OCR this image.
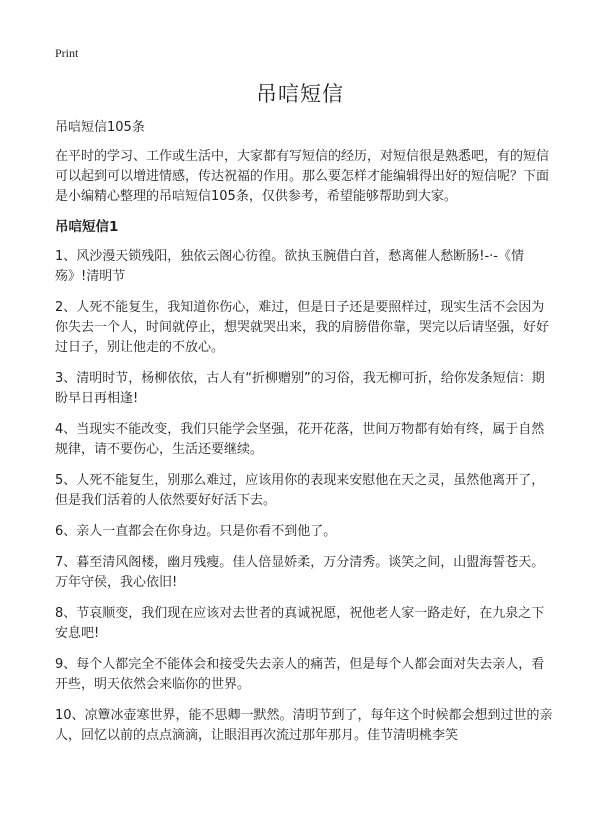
Print
吊唁短信

吊唁短信105条

在平时的学习、工作或生活中，大家都有写短信的经历，对短信很是熟悉吧，有的短信可以起到可以增进情感，传达祝福的作用。那么要怎样才能编辑得出好的短信呢？下面是小编精心整理的吊唁短信105条，仅供参考，希望能够帮助到大家。

吊唁短信1

1、风沙漫天锁残阳，独依云阁心彷徨。欲执玉腕借白首，愁离催人愁断肠!-·-《情殇》!清明节

2、人死不能复生，我知道你伤心，难过，但是日子还是要照样过，现实生活不会因为你失去一个人，时间就停止，想哭就哭出来，我的肩膀借你靠，哭完以后请坚强，好好过日子，别让他走的不放心。

3、清明时节，杨柳依依，古人有“折柳赠别”的习俗，我无柳可折，给你发条短信：期盼早日再相逢!

4、当现实不能改变，我们只能学会坚强，花开花落，世间万物都有始有终，属于自然规律，请不要伤心，生活还要继续。

5、人死不能复生，别那么难过，应该用你的表现来安慰他在天之灵，虽然他离开了，但是我们活着的人依然要好好活下去。

6、亲人一直都会在你身边。只是你看不到他了。

7、暮至清风阁楼，幽月残瘦。佳人倍显娇柔，万分清秀。谈笑之间，山盟海誓苍天。万年守侯，我心依旧!

8、节哀顺变，我们现在应该对去世者的真诚祝愿，祝他老人家一路走好，在九泉之下安息吧!

9、每个人都完全不能体会和接受失去亲人的痛苦，但是每个人都会面对失去亲人，看开些，明天依然会来临你的世界。

10、凉簟冰壶寒世界，能不思卿一默然。清明节到了，每年这个时候都会想到过世的亲人，回忆以前的点点滴滴，让眼泪再次流过那年那月。佳节清明桃李笑
